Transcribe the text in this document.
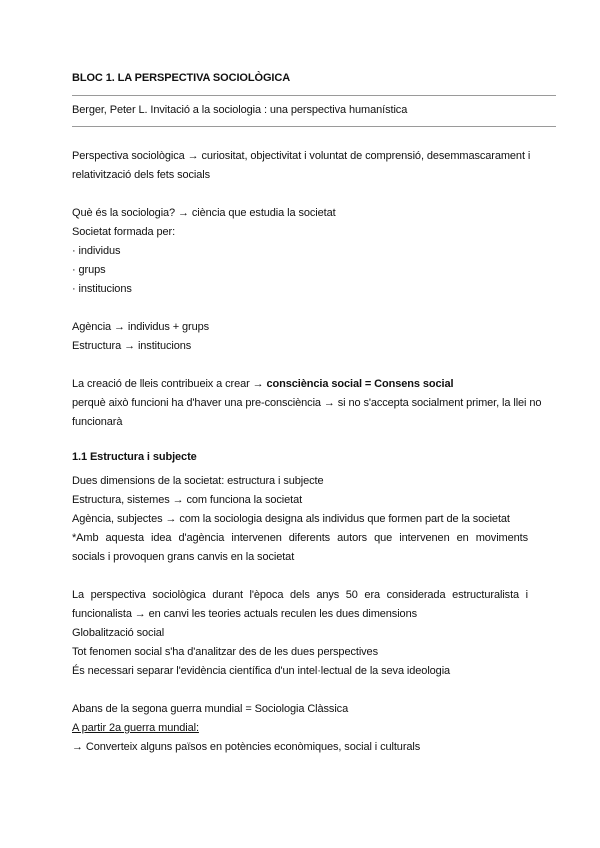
BLOC 1. LA PERSPECTIVA SOCIOLÒGICA
Berger, Peter L. Invitació a la sociologia : una perspectiva humanística
Perspectiva sociològica → curiositat, objectivitat i voluntat de comprensió, desemmascarament i
relativització dels fets socials
Què és la sociologia? → ciència que estudia la societat
Societat formada per:
· individus
· grups
· institucions
Agència → individus + grups
Estructura → institucions
La creació de lleis contribueix a crear → consciència social = Consens social
perquè això funcioni ha d'haver una pre-consciència → si no s'accepta socialment primer, la llei no
funcionarà
1.1 Estructura i subjecte
Dues dimensions de la societat: estructura i subjecte
Estructura, sistemes → com funciona la societat
Agència, subjectes → com la sociologia designa als individus que formen part de la societat
*Amb aquesta idea d'agència intervenen diferents autors que intervenen en moviments
socials i provoquen grans canvis en la societat
La perspectiva sociològica durant l'època dels anys 50 era considerada estructuralista i
funcionalista → en canvi les teories actuals reculen les dues dimensions
Globalització social
Tot fenomen social s'ha d'analitzar des de les dues perspectives
És necessari separar l'evidència científica d'un intel·lectual de la seva ideologia
Abans de la segona guerra mundial = Sociologia Clàssica
A partir 2a guerra mundial:
→ Converteix alguns països en potències econòmiques, social i culturals
